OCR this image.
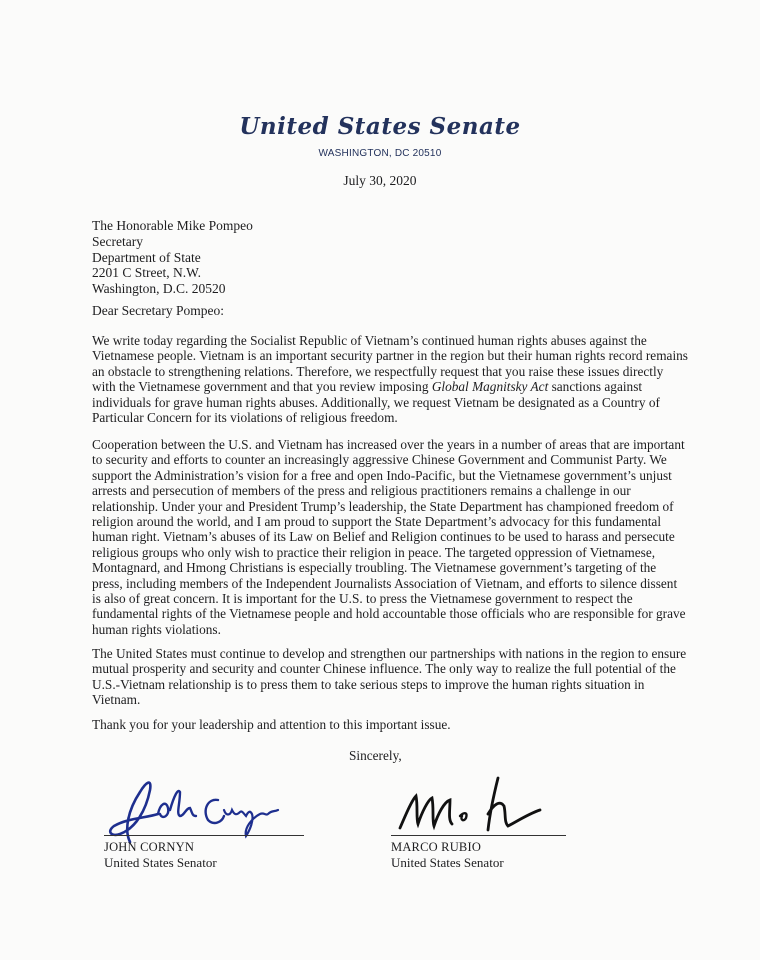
United States Senate
WASHINGTON, DC 20510
July 30, 2020
The Honorable Mike Pompeo
Secretary
Department of State
2201 C Street, N.W.
Washington, D.C. 20520
Dear Secretary Pompeo:
We write today regarding the Socialist Republic of Vietnam’s continued human rights abuses against the
Vietnamese people. Vietnam is an important security partner in the region but their human rights record remains
an obstacle to strengthening relations. Therefore, we respectfully request that you raise these issues directly
with the Vietnamese government and that you review imposing Global Magnitsky Act sanctions against
individuals for grave human rights abuses. Additionally, we request Vietnam be designated as a Country of
Particular Concern for its violations of religious freedom.
Cooperation between the U.S. and Vietnam has increased over the years in a number of areas that are important
to security and efforts to counter an increasingly aggressive Chinese Government and Communist Party. We
support the Administration’s vision for a free and open Indo-Pacific, but the Vietnamese government’s unjust
arrests and persecution of members of the press and religious practitioners remains a challenge in our
relationship. Under your and President Trump’s leadership, the State Department has championed freedom of
religion around the world, and I am proud to support the State Department’s advocacy for this fundamental
human right. Vietnam’s abuses of its Law on Belief and Religion continues to be used to harass and persecute
religious groups who only wish to practice their religion in peace. The targeted oppression of Vietnamese,
Montagnard, and Hmong Christians is especially troubling. The Vietnamese government’s targeting of the
press, including members of the Independent Journalists Association of Vietnam, and efforts to silence dissent
is also of great concern. It is important for the U.S. to press the Vietnamese government to respect the
fundamental rights of the Vietnamese people and hold accountable those officials who are responsible for grave
human rights violations.
The United States must continue to develop and strengthen our partnerships with nations in the region to ensure
mutual prosperity and security and counter Chinese influence. The only way to realize the full potential of the
U.S.-Vietnam relationship is to press them to take serious steps to improve the human rights situation in
Vietnam.
Thank you for your leadership and attention to this important issue.
Sincerely,
JOHN CORNYN
United States Senator
MARCO RUBIO
United States Senator
